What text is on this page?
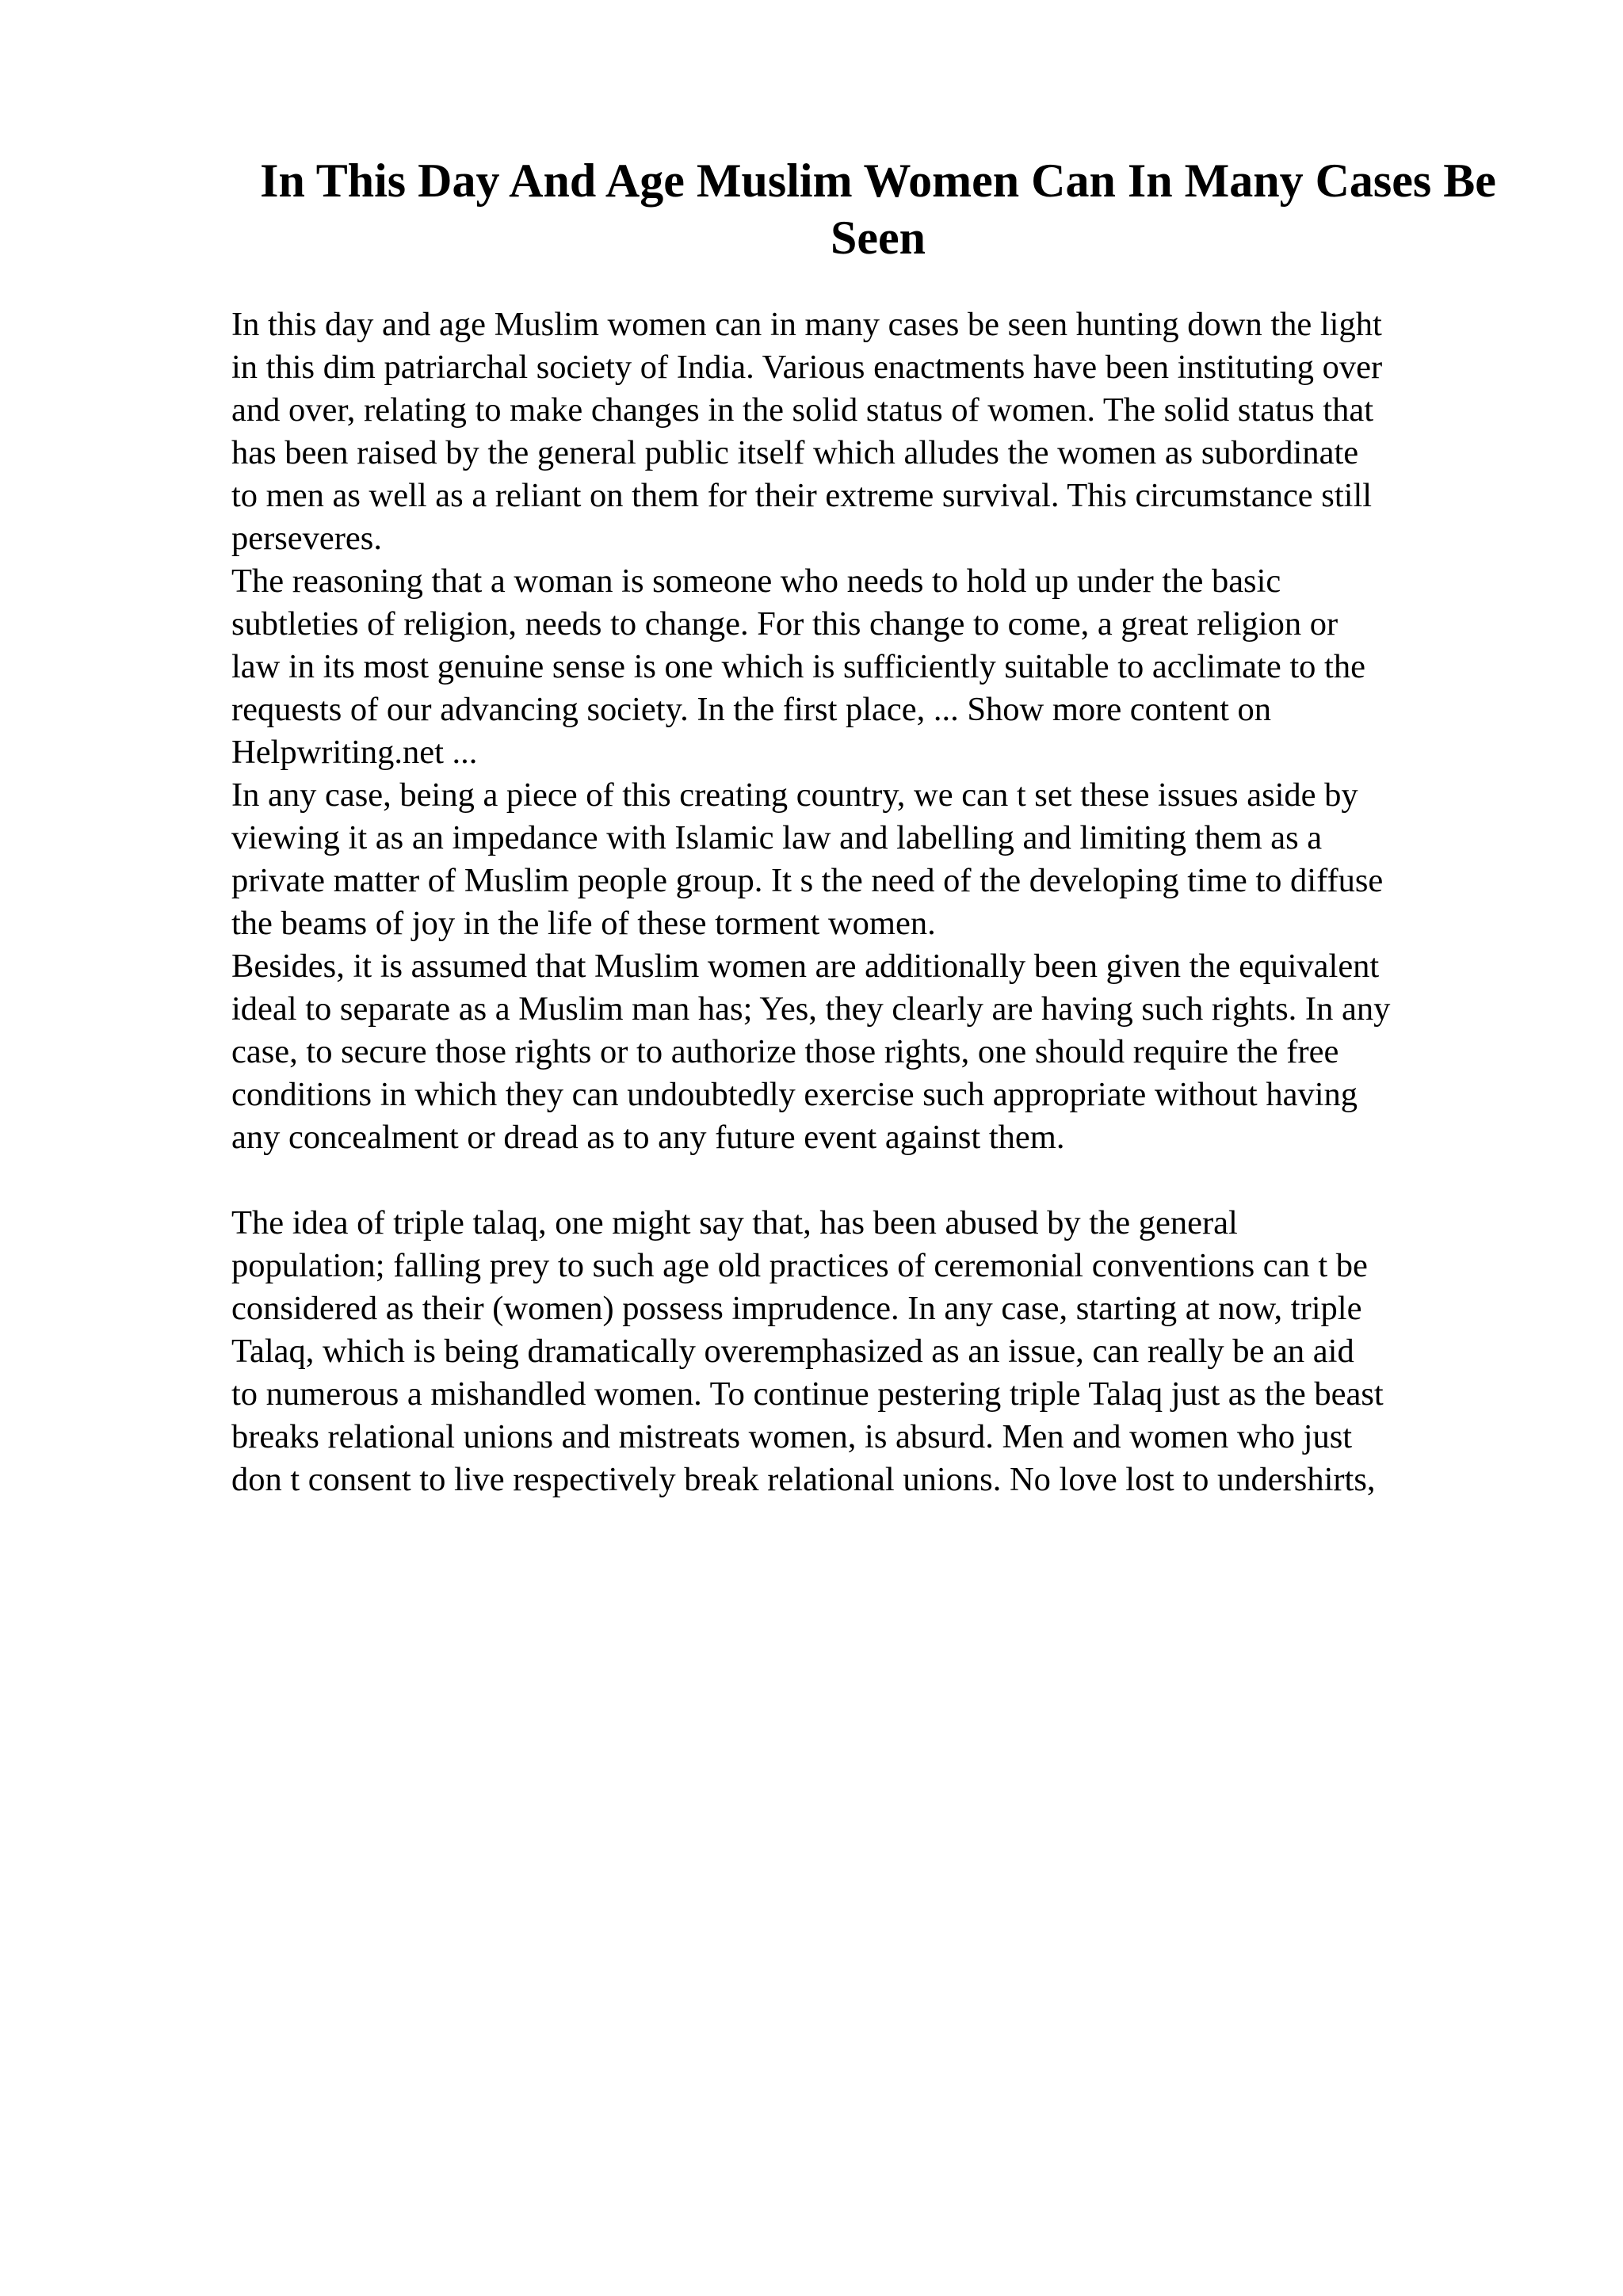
In This Day And Age Muslim Women Can In Many Cases Be Seen
In this day and age Muslim women can in many cases be seen hunting down the light
in this dim patriarchal society of India. Various enactments have been instituting over
and over, relating to make changes in the solid status of women. The solid status that
has been raised by the general public itself which alludes the women as subordinate
to men as well as a reliant on them for their extreme survival. This circumstance still
perseveres.
The reasoning that a woman is someone who needs to hold up under the basic
subtleties of religion, needs to change. For this change to come, a great religion or
law in its most genuine sense is one which is sufficiently suitable to acclimate to the
requests of our advancing society. In the first place, ... Show more content on
Helpwriting.net ...
In any case, being a piece of this creating country, we can t set these issues aside by
viewing it as an impedance with Islamic law and labelling and limiting them as a
private matter of Muslim people group. It s the need of the developing time to diffuse
the beams of joy in the life of these torment women.
Besides, it is assumed that Muslim women are additionally been given the equivalent
ideal to separate as a Muslim man has; Yes, they clearly are having such rights. In any
case, to secure those rights or to authorize those rights, one should require the free
conditions in which they can undoubtedly exercise such appropriate without having
any concealment or dread as to any future event against them.
The idea of triple talaq, one might say that, has been abused by the general
population; falling prey to such age old practices of ceremonial conventions can t be
considered as their (women) possess imprudence. In any case, starting at now, triple
Talaq, which is being dramatically overemphasized as an issue, can really be an aid
to numerous a mishandled women. To continue pestering triple Talaq just as the beast
breaks relational unions and mistreats women, is absurd. Men and women who just
don t consent to live respectively break relational unions. No love lost to undershirts,
